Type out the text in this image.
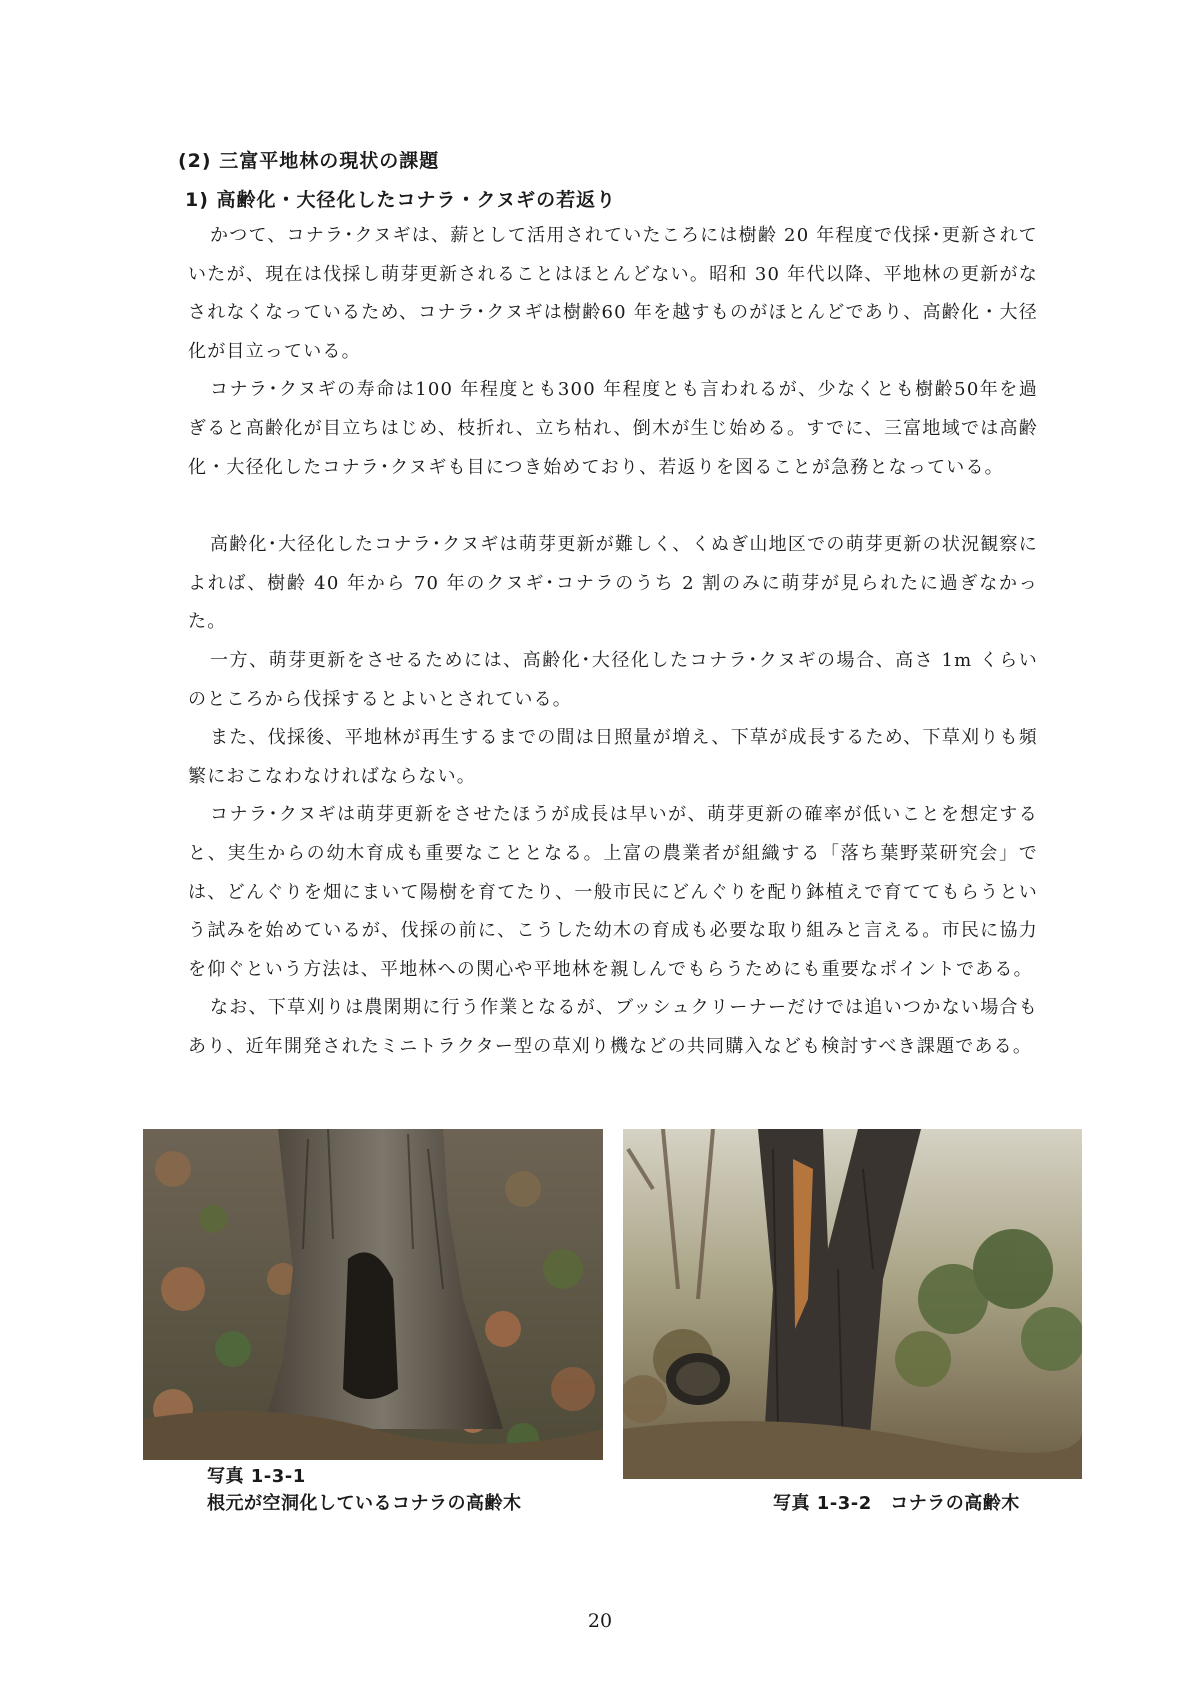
(2) 三富平地林の現状の課題
1) 高齢化・大径化したコナラ・クヌギの若返り

かつて、コナラ･クヌギは、薪として活用されていたころには樹齢 20 年程度で伐採･更新されていたが、現在は伐採し萌芽更新されることはほとんどない。昭和 30 年代以降、平地林の更新がなされなくなっているため、コナラ･クヌギは樹齢60 年を越すものがほとんどであり、高齢化・大径化が目立っている。

コナラ･クヌギの寿命は100 年程度とも300 年程度とも言われるが、少なくとも樹齢50年を過ぎると高齢化が目立ちはじめ、枝折れ、立ち枯れ、倒木が生じ始める。すでに、三富地域では高齢化・大径化したコナラ･クヌギも目につき始めており、若返りを図ることが急務となっている。

高齢化･大径化したコナラ･クヌギは萌芽更新が難しく、くぬぎ山地区での萌芽更新の状況観察によれば、樹齢 40 年から 70 年のクヌギ･コナラのうち 2 割のみに萌芽が見られたに過ぎなかった。

一方、萌芽更新をさせるためには、高齢化･大径化したコナラ･クヌギの場合、高さ 1m くらいのところから伐採するとよいとされている。

また、伐採後、平地林が再生するまでの間は日照量が増え、下草が成長するため、下草刈りも頻繁におこなわなければならない。

コナラ･クヌギは萌芽更新をさせたほうが成長は早いが、萌芽更新の確率が低いことを想定すると、実生からの幼木育成も重要なこととなる。上富の農業者が組織する「落ち葉野菜研究会」では、どんぐりを畑にまいて陽樹を育てたり、一般市民にどんぐりを配り鉢植えで育ててもらうという試みを始めているが、伐採の前に、こうした幼木の育成も必要な取り組みと言える。市民に協力を仰ぐという方法は、平地林への関心や平地林を親しんでもらうためにも重要なポイントである。

なお、下草刈りは農閑期に行う作業となるが、ブッシュクリーナーだけでは追いつかない場合もあり、近年開発されたミニトラクター型の草刈り機などの共同購入なども検討すべき課題である。

写真 1-3-1
根元が空洞化しているコナラの高齢木	写真 1-3-2　コナラの高齢木
20
